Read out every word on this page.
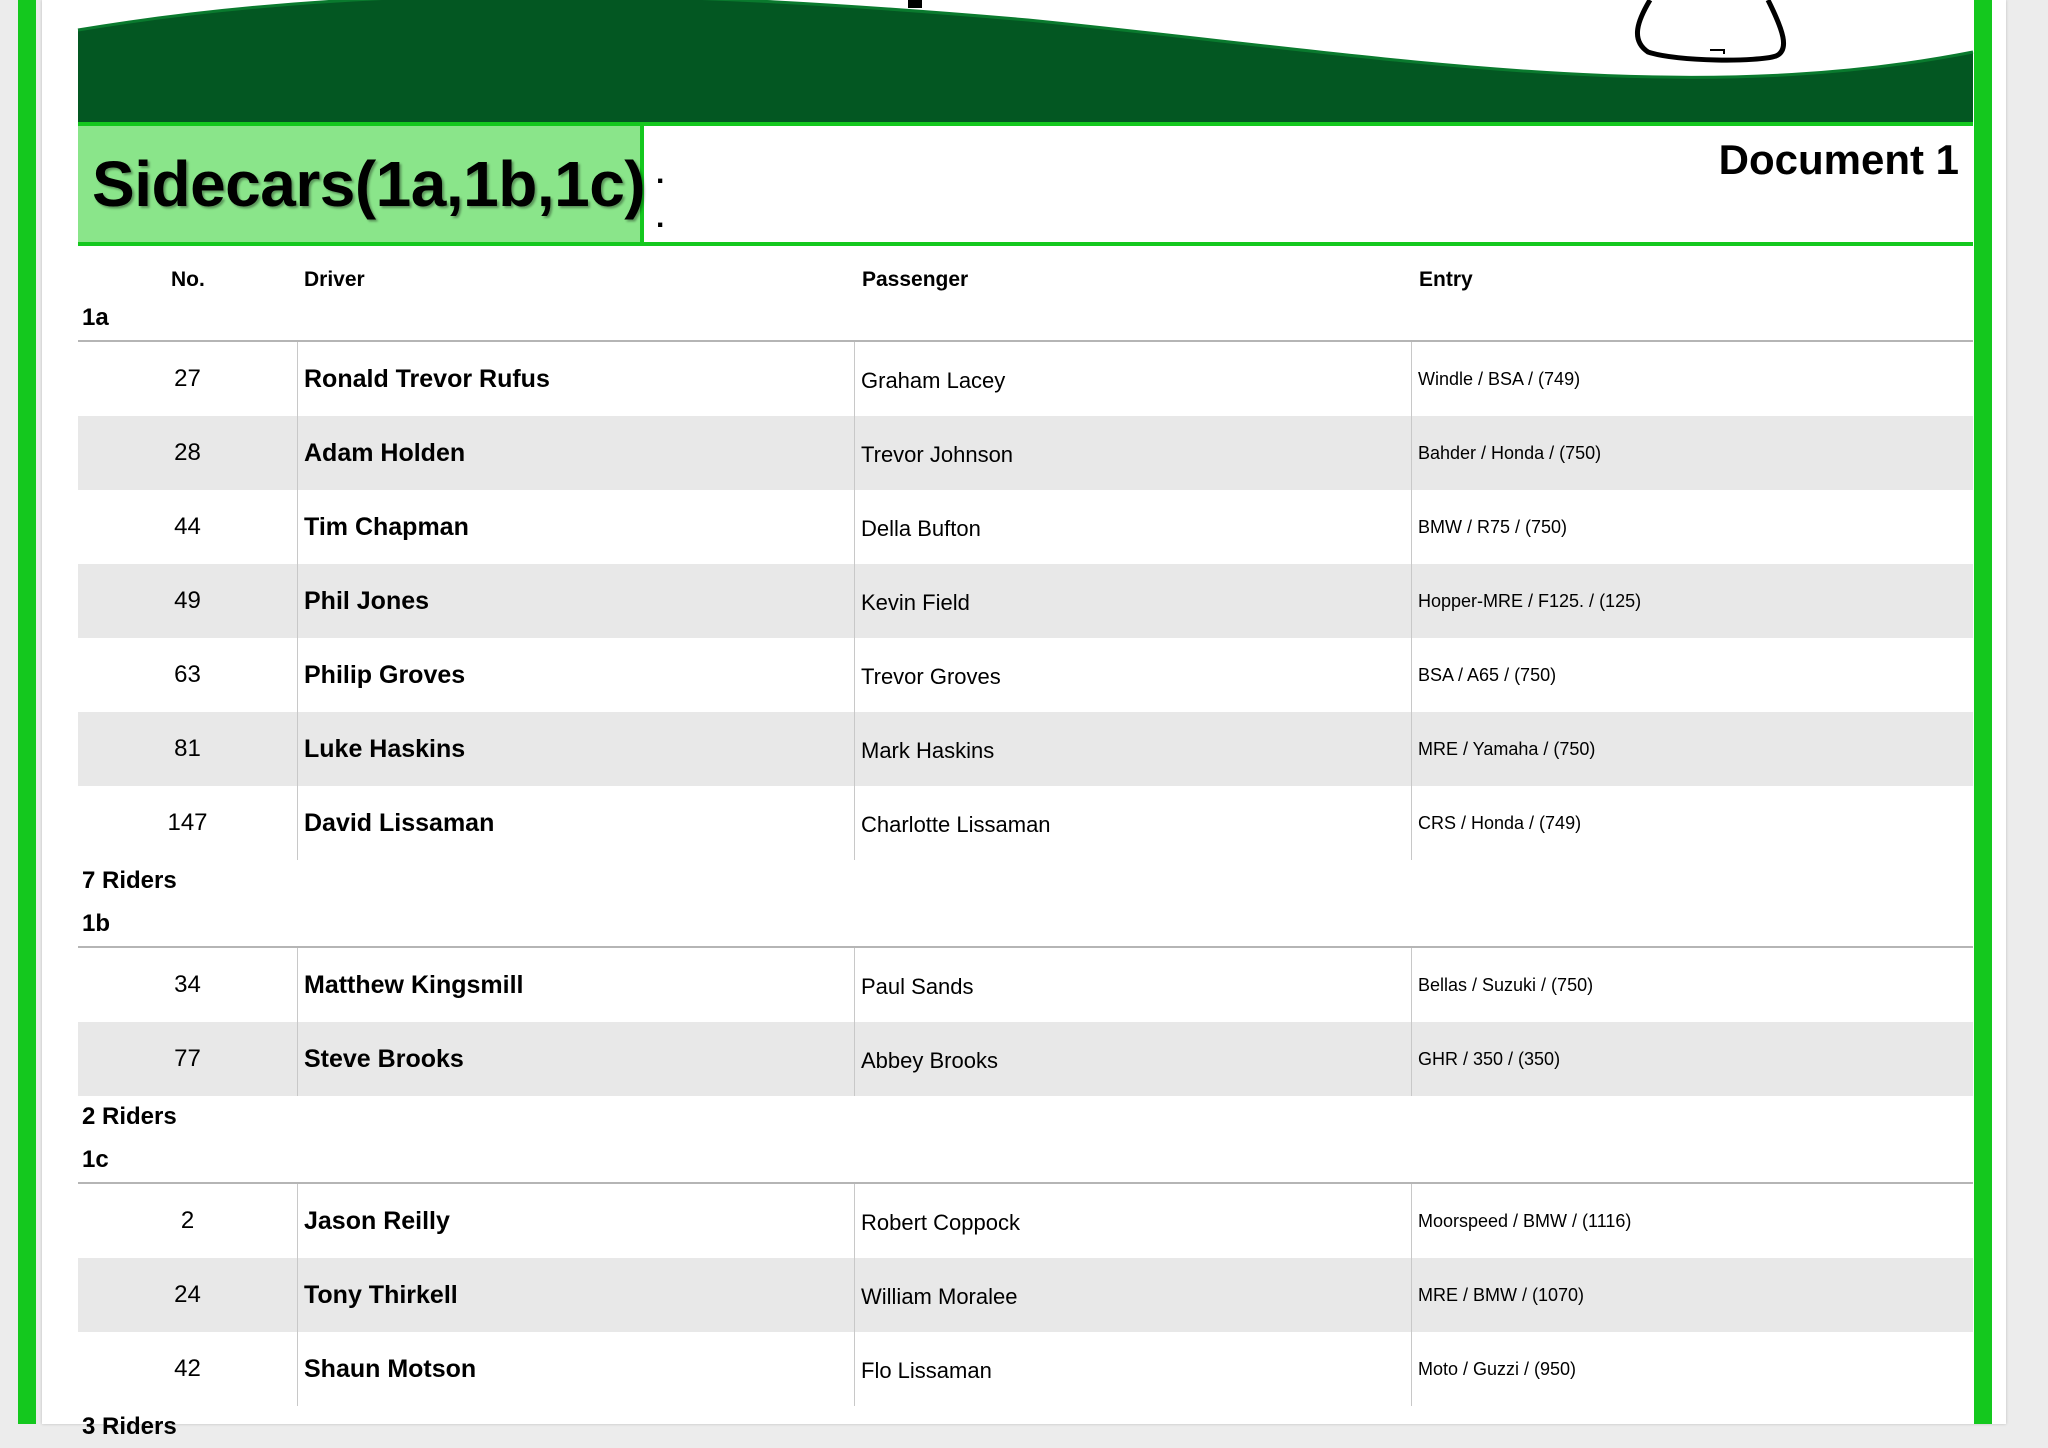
Sidecars(1a,1b,1c) .
.
Document 1
No.	Driver	Passenger	Entry
1a
27	Ronald Trevor Rufus	Graham Lacey	Windle / BSA / (749)
28	Adam Holden	Trevor Johnson	Bahder / Honda / (750)
44	Tim Chapman	Della Bufton	BMW / R75 / (750)
49	Phil Jones	Kevin Field	Hopper-MRE / F125. / (125)
63	Philip Groves	Trevor Groves	BSA / A65 / (750)
81	Luke Haskins	Mark Haskins	MRE / Yamaha / (750)
147	David Lissaman	Charlotte Lissaman	CRS / Honda / (749)
7 Riders
1b
34	Matthew Kingsmill	Paul Sands	Bellas / Suzuki / (750)
77	Steve Brooks	Abbey Brooks	GHR / 350 / (350)
2 Riders
1c
2	Jason Reilly	Robert Coppock	Moorspeed / BMW / (1116)
24	Tony Thirkell	William Moralee	MRE / BMW / (1070)
42	Shaun Motson	Flo Lissaman	Moto / Guzzi / (950)
3 Riders
